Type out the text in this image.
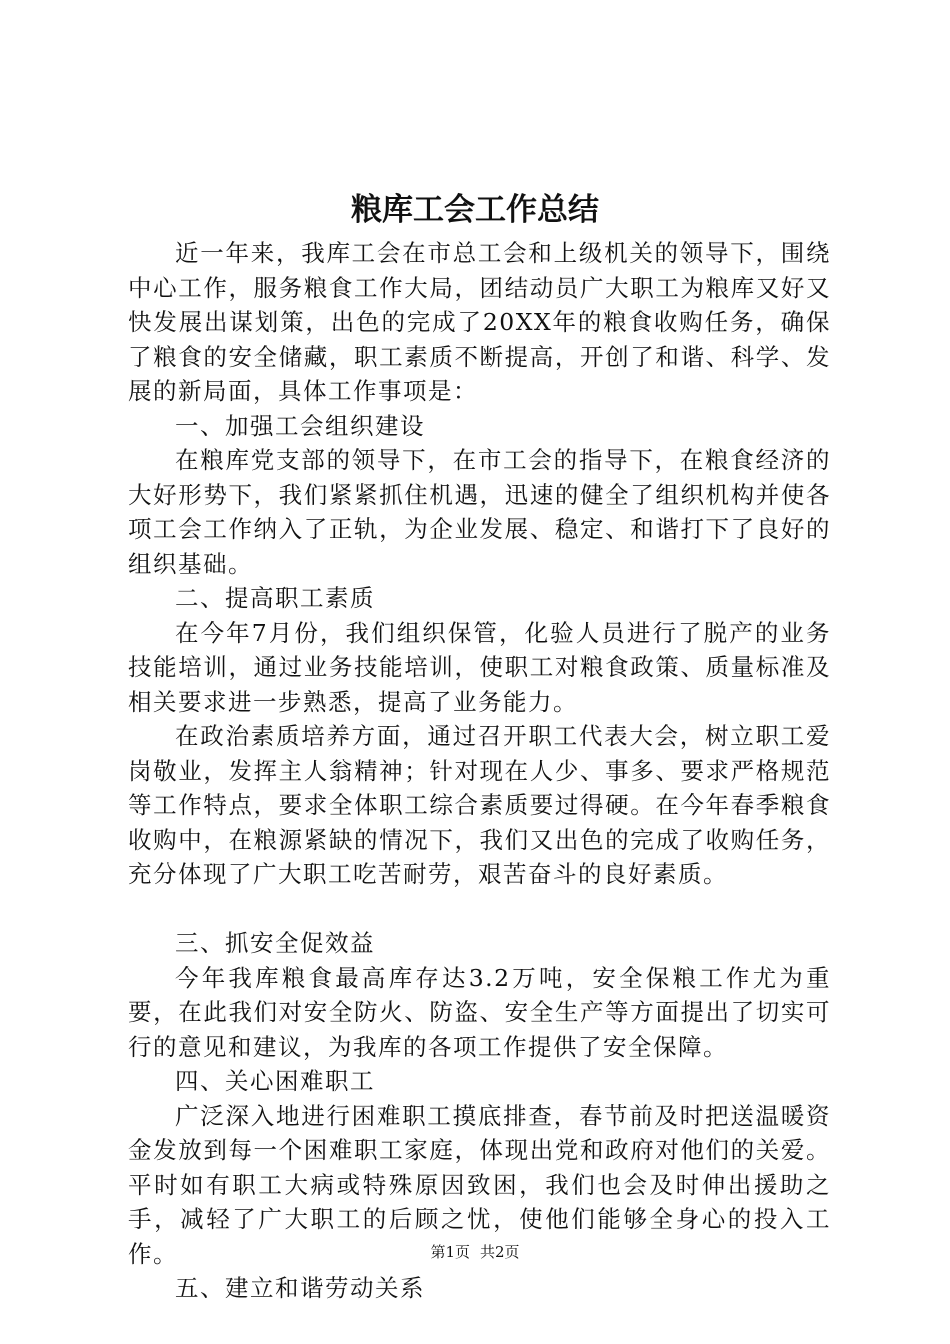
粮库工会工作总结

近一年来，我库工会在市总工会和上级机关的领导下，围绕中心工作，服务粮食工作大局，团结动员广大职工为粮库又好又快发展出谋划策，出色的完成了20XX年的粮食收购任务，确保了粮食的安全储藏，职工素质不断提高，开创了和谐、科学、发展的新局面，具体工作事项是：

一、加强工会组织建设

在粮库党支部的领导下，在市工会的指导下，在粮食经济的大好形势下，我们紧紧抓住机遇，迅速的健全了组织机构并使各项工会工作纳入了正轨，为企业发展、稳定、和谐打下了良好的组织基础。

二、提高职工素质

在今年7月份，我们组织保管，化验人员进行了脱产的业务技能培训，通过业务技能培训，使职工对粮食政策、质量标准及相关要求进一步熟悉，提高了业务能力。

在政治素质培养方面，通过召开职工代表大会，树立职工爱岗敬业，发挥主人翁精神；针对现在人少、事多、要求严格规范等工作特点，要求全体职工综合素质要过得硬。在今年春季粮食收购中，在粮源紧缺的情况下，我们又出色的完成了收购任务，充分体现了广大职工吃苦耐劳，艰苦奋斗的良好素质。

三、抓安全促效益

今年我库粮食最高库存达3.2万吨，安全保粮工作尤为重要，在此我们对安全防火、防盗、安全生产等方面提出了切实可行的意见和建议，为我库的各项工作提供了安全保障。

四、关心困难职工

广泛深入地进行困难职工摸底排查，春节前及时把送温暖资金发放到每一个困难职工家庭，体现出党和政府对他们的关爱。平时如有职工大病或特殊原因致困，我们也会及时伸出援助之手，减轻了广大职工的后顾之忧，使他们能够全身心的投入工作。

五、建立和谐劳动关系

第1页 共2页
